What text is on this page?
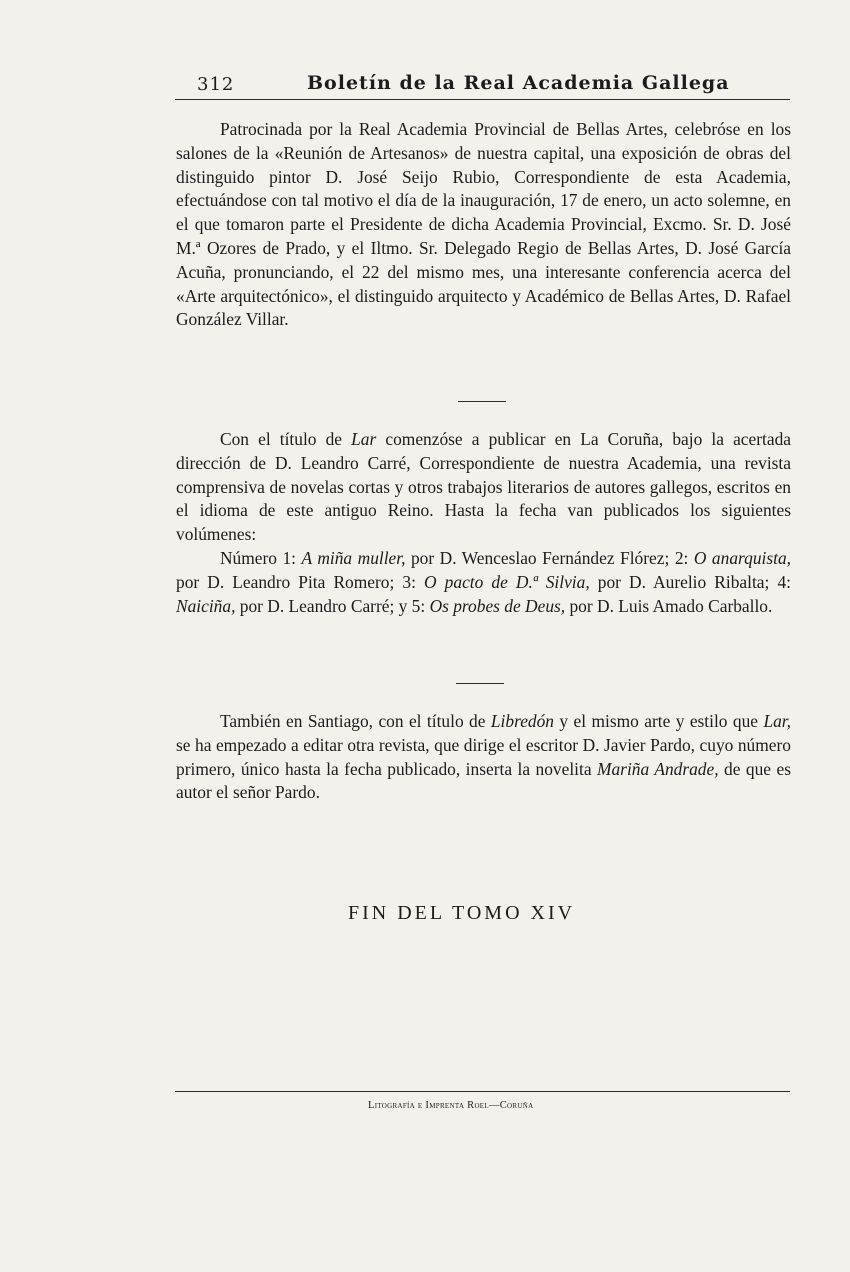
312	Boletín de la Real Academia Gallega

Patrocinada por la Real Academia Provincial de Bellas Artes, celebróse en los salones de la «Reunión de Artesanos» de nuestra capital, una exposición de obras del distinguido pintor D. José Seijo Rubio, Correspondiente de esta Academia, efectuándose con tal motivo el día de la inauguración, 17 de enero, un acto solemne, en el que tomaron parte el Presidente de dicha Academia Provincial, Excmo. Sr. D. José M.ª Ozores de Prado, y el Iltmo. Sr. Delegado Regio de Bellas Artes, D. José García Acuña, pronunciando, el 22 del mismo mes, una interesante conferencia acerca del «Arte arquitectónico», el distinguido arquitecto y Académico de Bellas Artes, D. Rafael González Villar.

Con el título de Lar comenzóse a publicar en La Coruña, bajo la acertada dirección de D. Leandro Carré, Correspondiente de nuestra Academia, una revista comprensiva de novelas cortas y otros trabajos literarios de autores gallegos, escritos en el idioma de este antiguo Reino. Hasta la fecha van publicados los siguientes volúmenes:

Número 1: A miña muller, por D. Wenceslao Fernández Flórez; 2: O anarquista, por D. Leandro Pita Romero; 3: O pacto de D.ª Silvia, por D. Aurelio Ribalta; 4: Naiciña, por D. Leandro Carré; y 5: Os probes de Deus, por D. Luis Amado Carballo.

También en Santiago, con el título de Libredón y el mismo arte y estilo que Lar, se ha empezado a editar otra revista, que dirige el escritor D. Javier Pardo, cuyo número primero, único hasta la fecha publicado, inserta la novelita Mariña Andrade, de que es autor el señor Pardo.

FIN DEL TOMO XIV
Litografía e Imprenta Roel—Coruña
